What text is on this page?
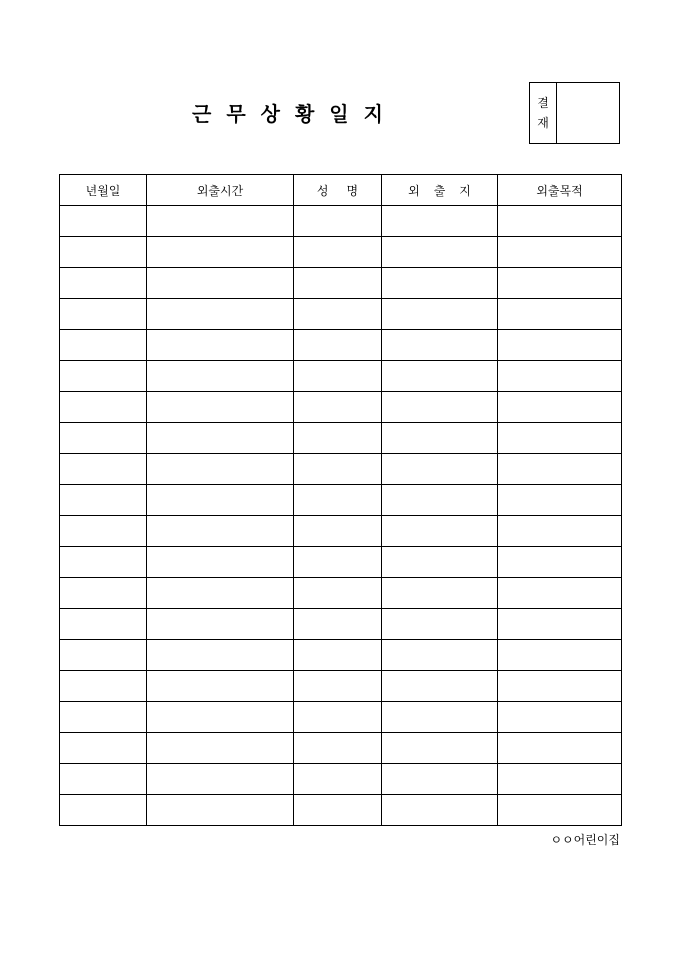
근무상황일지	결
재
년월일	외출시간	성명	외출지	외출목적

ㅇㅇ어린이집
